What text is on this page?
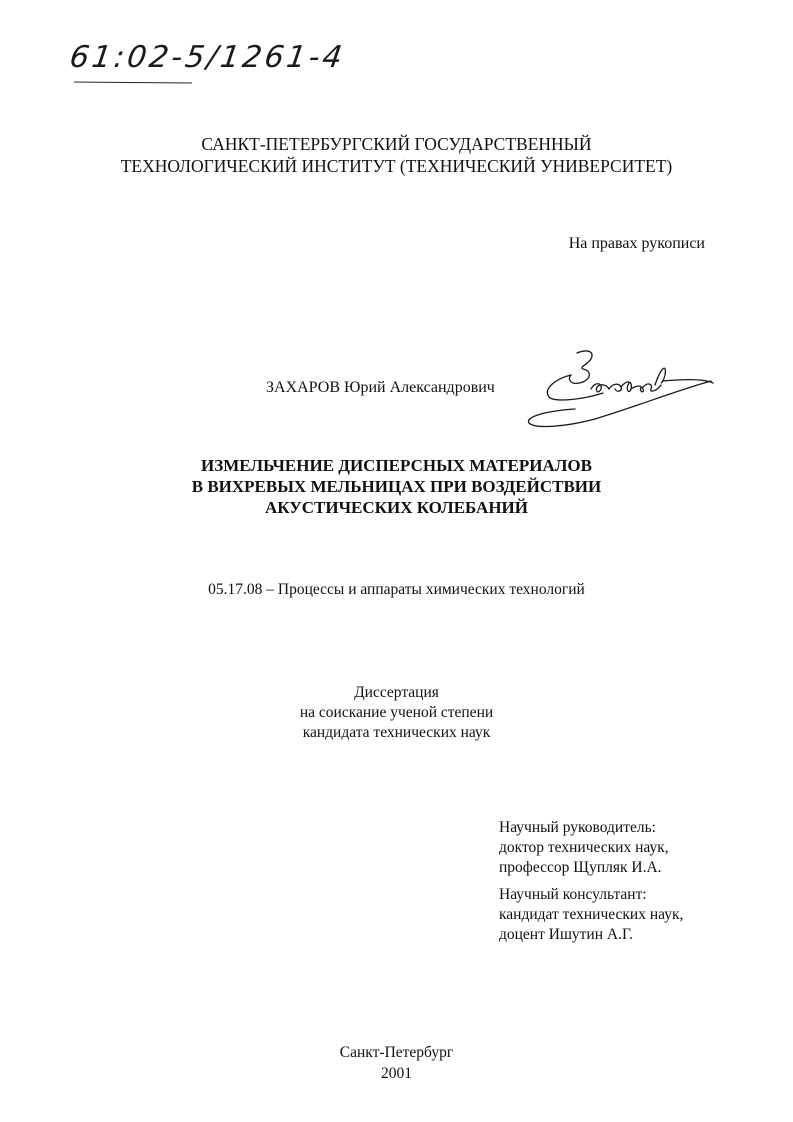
61:02-5/1261-4

САНКТ-ПЕТЕРБУРГСКИЙ ГОСУДАРСТВЕННЫЙ
ТЕХНОЛОГИЧЕСКИЙ ИНСТИТУТ (ТЕХНИЧЕСКИЙ УНИВЕРСИТЕТ)
На правах рукописи
ЗАХАРОВ Юрий Александрович
ИЗМЕЛЬЧЕНИЕ ДИСПЕРСНЫХ МАТЕРИАЛОВ
В ВИХРЕВЫХ МЕЛЬНИЦАХ ПРИ ВОЗДЕЙСТВИИ
АКУСТИЧЕСКИХ КОЛЕБАНИЙ
05.17.08 – Процессы и аппараты химических технологий
Диссертация
на соискание ученой степени
кандидата технических наук
Научный руководитель:
доктор технических наук,
профессор Щупляк И.А.
Научный консультант:
кандидат технических наук,
доцент Ишутин А.Г.
Санкт-Петербург
2001
